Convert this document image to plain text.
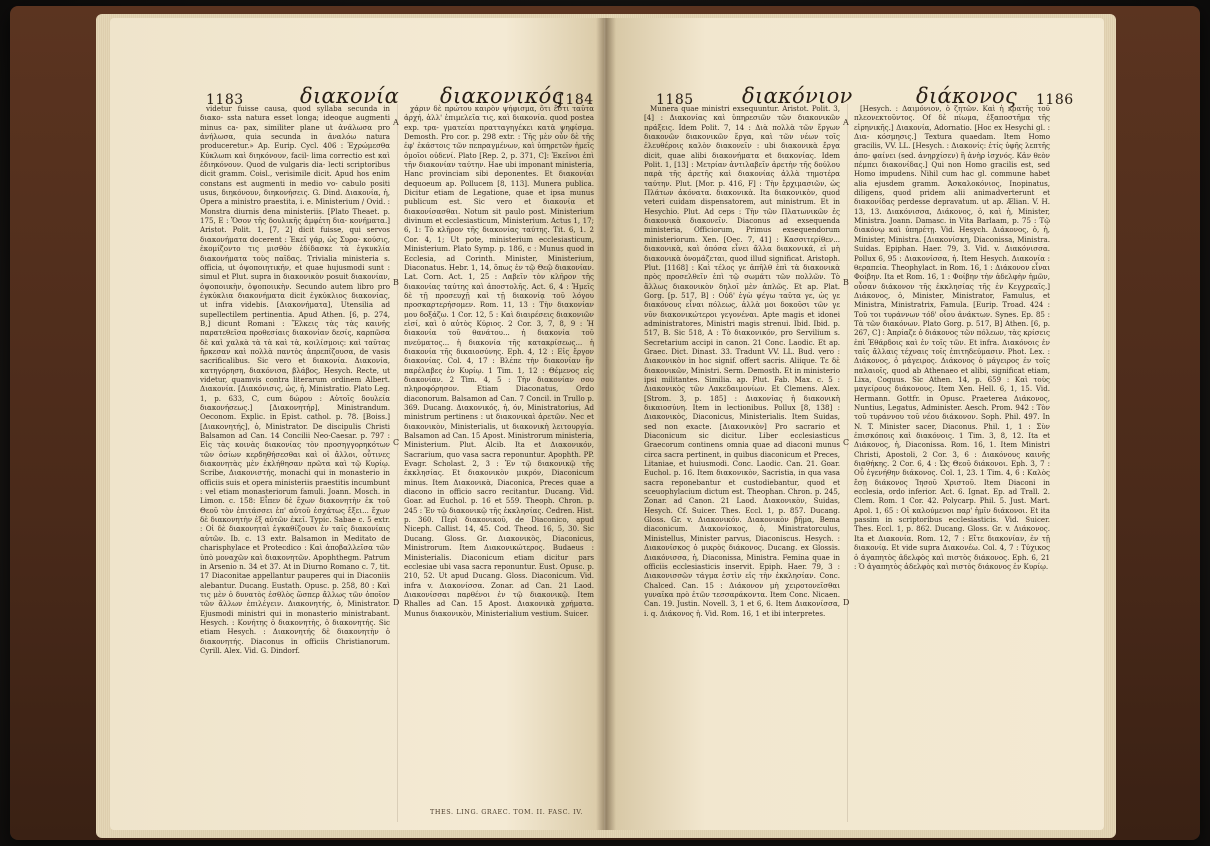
1183	διακονία διακονικός
1184

videtur fuisse causa, quod syllaba secunda in διακο- ssta natura esset longa; ideoque augmenti minus ca- pax, similiter plane ut ἀνάλωσα pro ἀνήλωσα, quia secunda in ἀναλόω natura produceretur.» Ap. Eurip. Cycl. 406 : Ἐχρώμεσθα Κύκλωπι καὶ διηκόνουν, facil- lima correctio est καὶ ἐδιηκόνουν. Quod de vulgaris dia- lecti scriptoribus dicit gramm. Coisl., verisimile dicit. Apud hos enim constans est augmenti in medio vo- cabulo positi usus, διηκόνουν, διηκονήσεις. G. Dind. Διακονία, ἡ, Opera a ministro praestita, i. e. Ministerium / Ovid. : Monstra diurnis dena ministeriis. [Plato Theaet. p. 175, E : Ὅσον τῆς δουλικῆς ἀμφέτη δια- κονήματα.] Aristot. Polit. 1, [7, 2] dicit fuisse, qui servos διακονήματα docerent : Ἐκεῖ γάρ, ὡς Συρα- κούσις, ἐκομίζοντο τις μισθὸν ἐδίδασκε τὰ ἐγκυκλία διακονήματα τοὺς παῖδας. Trivialia ministeria s. officia, ut ὀψοποιητικήν, et quae hujusmodi sunt : simul et Plut. supra in διακονικὸν posuit διακονίαν, ὀψοποιικὴν, ὀψοποιικὴν. Secundo autem libro pro ἐγκύκλια διακονήματα dicit ἐγκύκλιος διακονίας, ut infra videbis. [Διακονήματα], Utensilia ad supellectilem pertinentia. Apud Athen. [6, p. 274, B,] dicunt Romani : Ἕλκεις τὰς τὰς καινῆς παρατεθεῖσα προθεσίαις διακονίαν δεσίς, καρπῶσα δὲ καὶ χαλκὰ τὰ τὰ καὶ τὰ, κοιλίσμοις: καὶ ταῦτας ἤρκεσαν καὶ πολλὰ παντὸς ἀπρεπίζουσα, de vasis sacrificalibus. Sic vero et διακονία. Διακονία, κατηγόρηση, διακόνισα, βλάβος, Hesych. Recte, ut videtur, quamvis contra literarum ordinem Albert. Διακονία. [Διακόνισις, ὡς, ἡ, Ministratio. Plato Leg. 1, p. 633, C, cum δώρου : Αὐτοῖς δουλεία διακονήσεως.] [Διακονητήρ], Ministrandum. Oeconom. Explic. in Epist. cathol. p. 78. [Boiss.] [Διακονητής], ὁ, Ministrator. De discipulis Christi Balsamon ad Can. 14 Concilii Neo-Caesar. p. 797 : Εἰς τὰς κοινὰς διακονίας τὸν προσηγγορηκότων τῶν ὁσίων κερδηθήσεσθαι καὶ οἱ ἄλλοι, οὗτινες διακονητὰς μὲν ἐκλήθησαν πρῶτα καὶ τῷ Κυρίῳ. Scribe, Διακονιστής, monachi qui in monasterio in officiis suis et opera ministeriis praestitis incumbunt : vel etiam monasteriorum famuli. Joann. Mosch. in Limon. c. 158: Εἶπεν δὲ ἔχων διακονητὴν ἐκ τοῦ Θεοῦ τὸν ἐπιτάσσει ἐπ' αὐτοῦ ἐσχάτως ἔξει... ἔχων δὲ διακονητὴν ἐξ αὐτῶν ἐκεῖ. Typic. Sabae c. 5 extr. : Οἱ δὲ διακονηταὶ ἐγκαθίζουσι ἐν ταῖς διακονίαις αὐτῶν. Ib. c. 13 extr. Balsamon in Meditato de charisphylace et Protecdico : Καὶ ἀποβαλλεῖσα τῶν ὑπὸ μοναχῶν καὶ διακονητῶν. Apophthegm. Patrum in Arsenio n. 34 et 37. At in Diurno Romano c. 7, tit. 17 Diaconitae appellantur pauperes qui in Diaconiis alebantur. Ducang. Eustath. Opusc. p. 258, 80 : Καὶ τις μὲν ὁ δυνατὸς ἐσθλὸς ὥσπερ ἄλλως τῶν ὁποῖον τῶν ἄλλων ἐπιλέγειν. Διακονητής, ὁ, Ministrator. Ejusmodi ministri qui in monasterio ministrabant. Hesych. : Κονήτης ὁ διακονητὴς, ὁ διακονητής. Sic etiam Hesych. : Διακονητής δὲ διακονητὴν ὁ διακονητής. Diaconus in officiis Christianorum. Cyrill. Alex. Vid. G. Dindorf.

A
B
C
D

χάριν δὲ πρώτου καιρὸν ψήφισμα, ὅτι ἔστι ταῦτα ἀρχή, ἀλλ' ἐπιμελεῖα τις, καὶ διακονία. quod postea exp. τρα- γματείαι πρατταγηγέκει κατὰ ψηφίσμα. Demosth. Pro cor. p. 298 extr. : Τῆς μὲν οὖν δὲ τῆς ἐφ' ἑκάστοις τῶν πεπραγμένων, καὶ ὑπηρετῶν ἡμεῖς ὁμοῖοι οὐδενί. Plato [Rep. 2, p. 371, C]: Ἐκεῖνοι ἐπὶ τῆν διακονίαν ταύτην. Hae ubi imponant ministeria, Hanc provinciam sibi deponentes. Et διακονίαι dequoeum ap. Pollucem [8, 113]. Munera publica. Dicitur etiam de Legatione, quae et ipsa munus publicum est. Sic vero et διακονία et διακονίσασθαι. Notum sit paulo post. Ministerium divinum et ecclesiasticum, Ministerium. Actus 1, 17; 6, 1: Τὸ κλῆρον τῆς διακονίας ταύτης. Tit. 6, 1. 2 Cor. 4, 1; Ut pote, ministerium ecclesiasticum, Ministerium. Plato Symp. p. 186, c : Munus quod in Ecclesia, ad Corinth. Minister, Ministerium, Diaconatus. Hebr. 1, 14, ὅπως ἐν τῷ Θεῷ διακονίαν. Lat. Corn. Act. 1, 25 : Λαβεῖν τὸν κλῆρον τῆς διακονίας ταύτης καὶ ἀποστολῆς. Act. 6, 4 : Ἡμεῖς δὲ τῇ προσευχῇ καὶ τῇ διακονίᾳ τοῦ λόγου προσκαρτερήσομεν. Rom. 11, 13 : Τὴν διακονίαν μου δοξάζω. 1 Cor. 12, 5 : Καὶ διαιρέσεις διακονιῶν εἰσί, καὶ ὁ αὐτὸς Κύριος. 2 Cor. 3, 7, 8, 9 : Ἡ διακονία τοῦ θανάτου... ἡ διακονία τοῦ πνεύματος... ἡ διακονία τῆς κατακρίσεως... ἡ διακονία τῆς δικαιοσύνης. Eph. 4, 12 : Εἰς ἔργον διακονίας. Col. 4, 17 : Βλέπε τὴν διακονίαν ἣν παρέλαβες ἐν Κυρίῳ. 1 Tim. 1, 12 : Θέμενος εἰς διακονίαν. 2 Tim. 4, 5 : Τὴν διακονίαν σου πληροφόρησον. Etiam Diaconatus, Ordo diaconorum. Balsamon ad Can. 7 Concil. in Trullo p. 369. Ducang. Διακονικός, ἡ, όν, Ministratorius, Ad ministrum pertinens : ut διακονικαὶ ἀρετῶν. Nec et διακονικὸν, Ministerialis, ut διακονικὴ λειτουργία. Balsamon ad Can. 15 Apost. Ministrorum ministeria, Ministerium. Plut. Alcib. Ita et Διακονικόν, Sacrarium, quo vasa sacra reponuntur. Apophth. PP. Evagr. Scholast. 2, 3 : Ἐν τῷ διακονικῷ τῆς ἐκκλησίας. Et διακονικὸν μικρόν, Diaconicum minus. Item Διακονικὰ, Diaconica, Preces quae a diacono in officio sacro recitantur. Ducang. Vid. Goar. ad Euchol. p. 16 et 559. Theoph. Chron. p. 245 : Ἐν τῷ διακονικῷ τῆς ἐκκλησίας. Cedren. Hist. p. 360. Περὶ διακονικοῦ, de Diaconico, apud Niceph. Callist. 14, 45. Cod. Theod. 16, 5, 30. Sic Ducang. Gloss. Gr. Διακονικὸς, Diaconicus, Ministrorum. Item Διακονικώτερος. Budaeus : Ministerialis. Diaconicum etiam dicitur pars ecclesiae ubi vasa sacra reponuntur. Eust. Opusc. p. 210, 52. Ut apud Ducang. Gloss. Diaconicum. Vid. infra v. Διακονίσσα. Zonar. ad Can. 21 Laod. Διακονίσσαι παρθένοι ἐν τῷ διακονικῷ. Item Rhalles ad Can. 15 Apost. Διακονικὰ χρήματα. Munus διακονικὸν, Ministerialium vestium. Suicer.

1185 διακόνιον	διάκονος 1186

Munera quae ministri exsequuntur. Aristot. Polit. 3, [4] : Διακονίας καὶ ὑπηρεσιῶν τῶν διακονικῶν πράξεις. Idem Polit. 7, 14 : Διὰ πολλὰ τῶν ἔργων διακονῶν διακονικῶν ἔργα, καὶ τῶν νέων τοῖς ἐλευθέροις καλὸν διακονεῖν : ubi διακονικὰ ἔργα dicit, quae alibi διακονήματα et διακονίας. Idem Polit. 1, [13] : Μετρίαν ἀντιλαβεῖν ἀρετὴν τῆς δούλου παρὰ τῆς ἀρετῆς καὶ διακονίας ἀλλὰ τημοτέρα ταύτην. Plut. [Mor. p. 416, F] : Τὴν ἔρχιμασιῶν, ὡς Πλάτων ἀκόνατα. διακονικὰ. Ita διακονικὸν, quod veteri cuidam dispensatorem, aut ministrum. Et in Hesychio. Plut. Ad ceps : Τὴν τῶν Πλατωνικῶν ἐς διακονικὰ διακονεῖν. Diaconus ad exsequenda ministeria, Officiorum, Primus exsequendorum ministeriorum. Xen. [Oec. 7, 41] : Κασσιτερίθεν... διακονικὰ, καὶ ὁπόσα εἶνει ἄλλα διακονικά, εἰ μὴ διακονικὰ ὀνομάζεται, quod illud significat. Aristoph. Plut. [1168] : Καὶ τέλος γε ἀπῆλθ ἐπὶ τὰ διακονικὰ πρὸς προσελθεῖν ἐπὶ τῷ σωμάτι τῶν πολλῶν. Τὸ ἄλλως διακονικὸν δηλοῖ μὲν ἁπλῶς. Et ap. Plat. Gorg. [p. 517, B] : Οὐδ' ἐγὼ ψέγω ταῦτα γε, ὡς γε διακόνους εἶναι πόλεως, ἀλλὰ μοι δοκοῦσι τῶν γε νῦν διακονικώτεροι γεγονέναι. Apte magis et idonei administratores, Ministri magis strenui. Ibid. Ibid. p. 517, B. Sic 518, A : Τὸ διακονικόν, pro Servilium s. Secretarium accipi in canon. 21 Conc. Laodic. Et ap. Graec. Dict. Dinast. 33. Tradunt VV. LL. Bud. vero : Διακονικὸν in hoc signif. offert sacris. Aliique. Tε δὲ διακονικῶν, Ministri. Serm. Demosth. Et in ministerio ipsi militantes. Similia. ap. Plut. Fab. Max. c. 5 : Διακονικὸς τῶν Λακεδαιμονίων. Et Clemens. Alex. [Strom. 3, p. 185] : Διακονίας ἡ διακονικὴ δικαιοσύνη. Item in lectionibus. Pollux [8, 138] : Διακονικὸς, Diaconicus, Ministerialis. Item Suidas, sed non exacte. [Διακονικὸν] Pro sacrario et Diaconicum sic dicitur. Liber ecclesiasticus Graecorum continens omnia quae ad diaconi munus circa sacra pertinent, in quibus diaconicum et Preces, Litaniae, et huiusmodi. Conc. Laodic. Can. 21. Goar. Euchol. p. 16. Item διακονικὸν, Sacristia, in qua vasa sacra reponebantur et custodiebantur, quod et sceuophylacium dictum est. Theophan. Chron. p. 245, Zonar. ad Canon. 21 Laod. Διακονικὸν, Suidas, Hesych. Cf. Suicer. Thes. Eccl. 1, p. 857. Ducang. Gloss. Gr. v. Διακονικόν. Διακονικὸν βῆμα, Bema diaconicum. Διακονίσκος, ὁ, Ministratorculus, Ministellus, Minister parvus, Diaconiscus. Hesych. : Διακονίσκος ὁ μικρὸς διάκονος. Ducang. ex Glossis. Διακόνισσα, ἡ, Diaconissa, Ministra. Femina quae in officiis ecclesiasticis inservit. Epiph. Haer. 79, 3 : Διακονισσῶν τάγμα ἐστὶν εἰς τὴν ἐκκλησίαν. Conc. Chalced. Can. 15 : Διάκονον μὴ χειροτονεῖσθαι γυναῖκα πρὸ ἐτῶν τεσσαράκοντα. Item Conc. Nicaen. Can. 19. Justin. Novell. 3, 1 et 6, 6. Item Διακονίσσα, i. q. Διάκονος ἡ. Vid. Rom. 16, 1 et ibi interpretes.

A
B
C
D

[Hesych. : Δαιμόνιον, ὁ ζητῶν. Καὶ ἡ κρατῆς τοῦ πλεονεκτοῦντος. Of δὲ πίωμα, ἐξαποστῆμα τῆς εἰρηνικῆς.] Διακονία, Adornatio. [Hoc ex Hesychi gl. : Δια- κόσμησις.] Textura quaedam. Item Homo gracilis, VV. LL. [Hesych. : Διακονίς: ἑτίς ὑφῆς λεπτῆς ἀπο- φαίνει (sed. ἀνηρχίσεν) ἢ ἀνὴρ ἰσχνός. Κἀν θεὸν πέμπει διακονίδας.] Qui non Homo gracilis est, sed Homo impudens. Nihil cum hac gl. commune habet alia ejusdem gramm. Ἀσκαλοκόνιος, Inopinatus, diligens, quod pridem alii animadverterunt et διακονίδας perdesse depravatum. ut ap. Ælian. V. H. 13, 13. Διακόνισσα, Διάκονος, ὁ, καὶ ἡ, Minister, Ministra. Joann. Damasc. in Vita Barlaam, p. 75 : Τῷ διακόνῳ καὶ ὑπηρέτῃ. Vid. Hesych. Διάκονος, ὁ, ἡ, Minister, Ministra. [Διακονίσκη, Diaconissa, Ministra. Suidas. Epiphan. Haer. 79, 3. Vid. v. Διακόνισσα. Pollux 6, 95 : Διακονίσσα, ἡ. Item Hesych. Διακονία : θεραπεία. Theophylact. in Rom. 16, 1 : Διάκονον εἶναι Φοίβην. Ita et Rom. 16, 1 : Φοίβην τὴν ἀδελφὴν ἡμῶν, οὖσαν διάκονον τῆς ἐκκλησίας τῆς ἐν Κεγχρεαῖς.] Διάκονος, ὁ, Minister, Ministrator, Famulus, et Ministra, Ministratrix, Famula. [Eurip. Troad. 424 : Τοῦ τοι τυράννων τόδ' οἷου ἀνάκτων. Synes. Ep. 85 : Τὰ τῶν διακόνων. Plato Gorg. p. 517, B] Athen. [6, p. 267, C] : Ἀπρίαζε ὁ διάκονος τῶν πόλεων, τὰς κρίσεις ἐπὶ Ἐθάρδοις καὶ ἐν τοῖς τῶν. Et infra. Διακόνοις ἐν ταῖς ἄλλαις τέχναις τοῖς ἐπιτηδεύμασιν. Phot. Lex. : Διάκονος, ὁ μάγειρος. Διάκονος ὁ μάγειρος ἐν τοῖς παλαιοῖς, quod ab Athenaeo et alibi, significat etiam, Lixa, Coquus. Sic Athen. 14, p. 659 : Καὶ τοὺς μαγείρους διάκονους. Item Xen. Hell. 6, 1, 15. Vid. Hermann. Gottfr. in Opusc. Praeterea Διάκονος, Nuntius, Legatus, Administer. Aesch. Prom. 942 : Τὸν τοῦ τυράννου τοῦ νέου διάκονον. Soph. Phil. 497. In N. T. Minister sacer, Diaconus. Phil. 1, 1 : Σὺν ἐπισκόποις καὶ διακόνοις. 1 Tim. 3, 8, 12. Ita et Διάκονος, ἡ, Diaconissa. Rom. 16, 1. Item Ministri Christi, Apostoli, 2 Cor. 3, 6 : Διακόνους καινῆς διαθήκης. 2 Cor. 6, 4 : Ὡς Θεοῦ διάκονοι. Eph. 3, 7 : Οὗ ἐγενήθην διάκονος. Col. 1, 23. 1 Tim. 4, 6 : Καλὸς ἔσῃ διάκονος Ἰησοῦ Χριστοῦ. Item Diaconi in ecclesia, ordo inferior. Act. 6. Ignat. Ep. ad Trall. 2. Clem. Rom. 1 Cor. 42. Polycarp. Phil. 5. Just. Mart. Apol. 1, 65 : Οἱ καλούμενοι παρ' ἡμῖν διάκονοι. Et ita passim in scriptoribus ecclesiasticis. Vid. Suicer. Thes. Eccl. 1, p. 862. Ducang. Gloss. Gr. v. Διάκονος. Ita et Διακονία. Rom. 12, 7 : Εἴτε διακονίαν, ἐν τῇ διακονίᾳ. Et vide supra Διακονέω. Col. 4, 7 : Τύχικος ὁ ἀγαπητὸς ἀδελφὸς καὶ πιστὸς διάκονος. Eph. 6, 21 : Ὁ ἀγαπητὸς ἀδελφὸς καὶ πιστὸς διάκονος ἐν Κυρίῳ.

THES. LING. GRAEC. TOM. II. FASC. IV.
